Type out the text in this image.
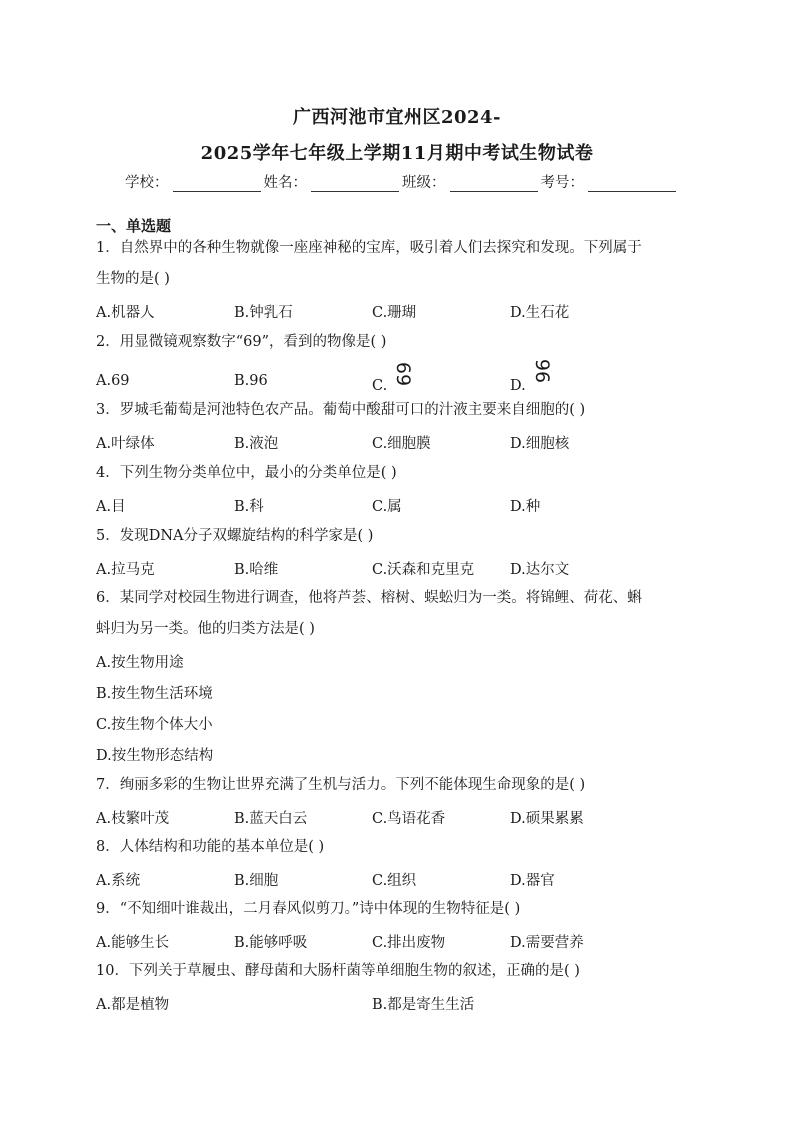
广西河池市宜州区2024-
2025学年七年级上学期11月期中考试生物试卷
学校：	姓名：	班级：	考号：
一、单选题
1．自然界中的各种生物就像一座座神秘的宝库，吸引着人们去探究和发现。下列属于
生物的是( )
A.机器人	B.钟乳石	C.珊瑚	D.生石花
2．用显微镜观察数字“69”，看到的物像是( )
A.69	B.96	C. 69	D.96
3．罗城毛葡萄是河池特色农产品。葡萄中酸甜可口的汁液主要来自细胞的( )
A.叶绿体	B.液泡	C.细胞膜	D.细胞核
4．下列生物分类单位中，最小的分类单位是( )
A.目	B.科	C.属	D.种
5．发现DNA分子双螺旋结构的科学家是( )
A.拉马克	B.哈维	C.沃森和克里克 D.达尔文
6．某同学对校园生物进行调查，他将芦荟、榕树、蜈蚣归为一类。将锦鲤、荷花、蝌
蚪归为另一类。他的归类方法是( )
A.按生物用途
B.按生物生活环境
C.按生物个体大小
D.按生物形态结构
7．绚丽多彩的生物让世界充满了生机与活力。下列不能体现生命现象的是( )
A.枝繁叶茂	B.蓝天白云	C.鸟语花香	D.硕果累累
8．人体结构和功能的基本单位是( )
A.系统	B.细胞	C.组织	D.器官
9．“不知细叶谁裁出，二月春风似剪刀。”诗中体现的生物特征是( )
A.能够生长	B.能够呼吸	C.排出废物	D.需要营养
10．下列关于草履虫、酵母菌和大肠杆菌等单细胞生物的叙述，正确的是( )
A.都是植物	B.都是寄生生活
